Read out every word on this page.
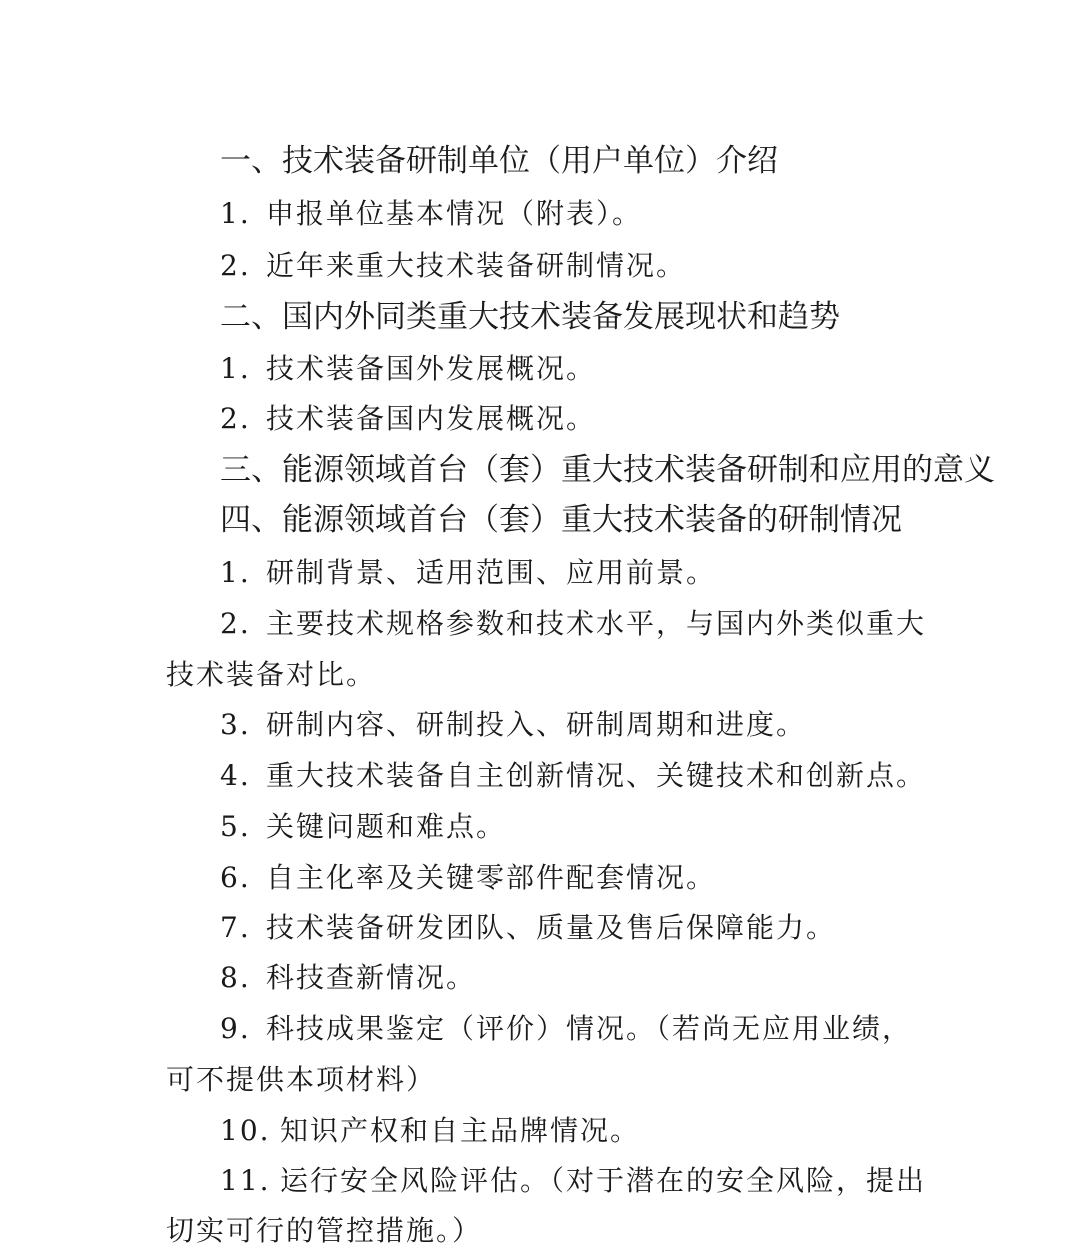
一、技术装备研制单位（用户单位）介绍
1. 申报单位基本情况（附表）。
2. 近年来重大技术装备研制情况。
二、国内外同类重大技术装备发展现状和趋势
1. 技术装备国外发展概况。
2. 技术装备国内发展概况。
三、能源领域首台（套）重大技术装备研制和应用的意义
四、能源领域首台（套）重大技术装备的研制情况
1. 研制背景、适用范围、应用前景。
2. 主要技术规格参数和技术水平，与国内外类似重大
技术装备对比。
3. 研制内容、研制投入、研制周期和进度。
4. 重大技术装备自主创新情况、关键技术和创新点。
5. 关键问题和难点。
6. 自主化率及关键零部件配套情况。
7. 技术装备研发团队、质量及售后保障能力。
8. 科技查新情况。
9. 科技成果鉴定（评价）情况。（若尚无应用业绩，
可不提供本项材料）
10. 知识产权和自主品牌情况。
11. 运行安全风险评估。（对于潜在的安全风险，提出
切实可行的管控措施。）
